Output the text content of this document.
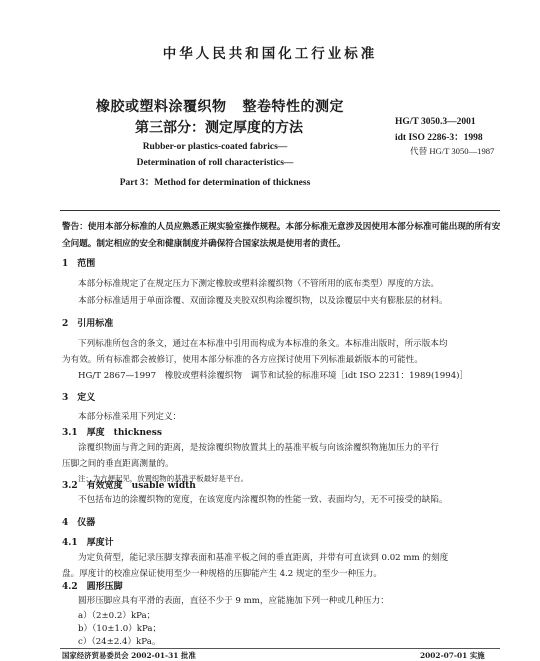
中华人民共和国化工行业标准
橡胶或塑料涂覆织物 整卷特性的测定
第三部分：测定厚度的方法	HG/T 3050.3—2001
idt ISO 2286-3：1998
代替 HG/T 3050—1987
Rubber-or plastics-coated fabrics—
Determination of roll characteristics—
Part 3：Method for determination of thickness
警告：使用本部分标准的人员应熟悉正规实验室操作规程。本部分标准无意涉及因使用本部分标准可能出现的所有安全问题。制定相应的安全和健康制度并确保符合国家法规是使用者的责任。
1　范围
本部分标准规定了在规定压力下测定橡胶或塑料涂覆织物（不管所用的底布类型）厚度的方法。
本部分标准适用于单面涂覆、双面涂覆及夹胶双织构涂覆织物，以及涂覆层中夹有膨胀层的材料。
2　引用标准
下列标准所包含的条文，通过在本标准中引用而构成为本标准的条文。本标准出版时，所示版本均
为有效。所有标准都会被修订，使用本部分标准的各方应探讨使用下列标准最新版本的可能性。
HG/T 2867—1997　橡胶或塑料涂覆织物　调节和试验的标准环境［idt ISO 2231：1989(1994)］
3　定义
本部分标准采用下列定义：
3.1　厚度　thickness
涂覆织物面与背之间的距离，是按涂覆织物放置其上的基准平板与向该涂覆织物施加压力的平行
压脚之间的垂直距离测量的。
注：为方便起见，放置织物的基准平板最好是平台。
3.2　有效宽度　usable width
不包括布边的涂覆织物的宽度，在该宽度内涂覆织物的性能一致、表面均匀，无不可接受的缺陷。
4　仪器
4.1　厚度计
为定负荷型，能记录压脚支撑表面和基准平板之间的垂直距离，并带有可直读到 0.02 mm 的刻度
盘。厚度计的校准应保证使用至少一种规格的压脚能产生 4.2 规定的至少一种压力。
4.2　圆形压脚
圆形压脚应具有平滑的表面，直径不少于 9 mm，应能施加下列一种或几种压力：
a）（2±0.2）kPa；
b）（10±1.0）kPa；
c）（24±2.4）kPa。
国家经济贸易委员会 2002-01-31 批准	2002-07-01 实施
